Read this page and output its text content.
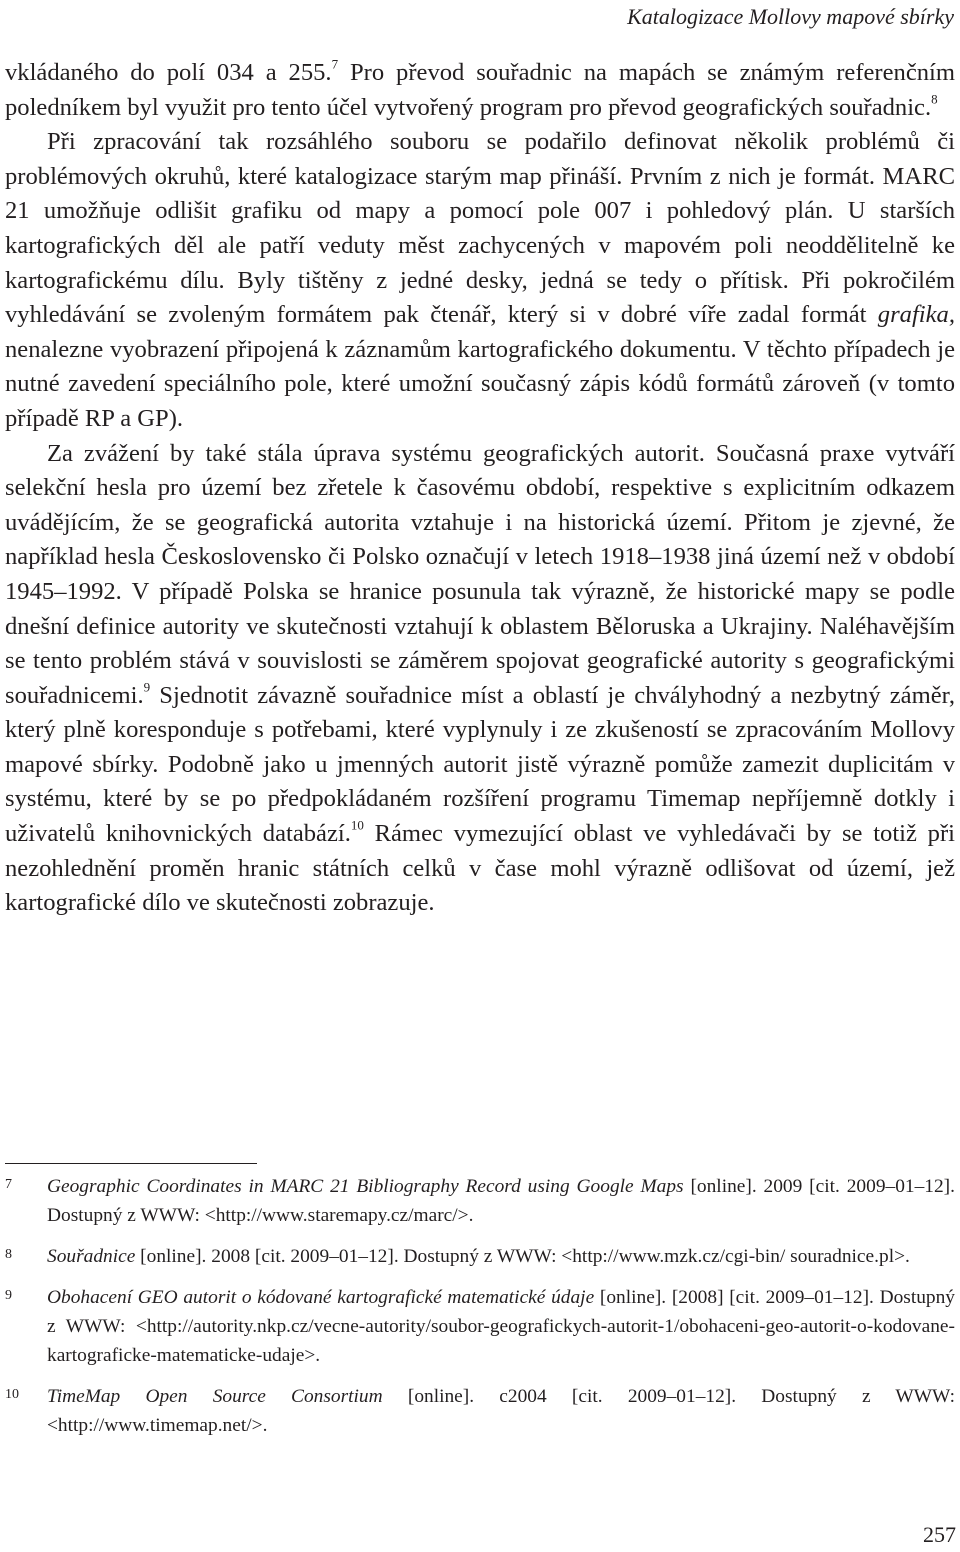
Katalogizace Mollovy mapové sbírky

vkládaného do polí 034 a 255.$^7$ Pro převod souřadnic na mapách se známým referenčním poledníkem byl využit pro tento účel vytvořený program pro převod geografických souřadnic.$^8$

Při zpracování tak rozsáhlého souboru se podařilo definovat několik problémů či problémových okruhů, které katalogizace starým map přináší. Prvním z nich je formát. MARC 21 umožňuje odlišit grafiku od mapy a pomocí pole 007 i pohledový plán. U starších kartografických děl ale patří veduty měst zachycených v mapovém poli neoddělitelně ke kartografickému dílu. Byly tištěny z jedné desky, jedná se tedy o přítisk. Při pokročilém vyhledávání se zvoleným formátem pak čtenář, který si v dobré víře zadal formát grafika, nenalezne vyobrazení připojená k záznamům kartografického dokumentu. V těchto případech je nutné zavedení speciálního pole, které umožní současný zápis kódů formátů zároveň (v tomto případě RP a GP).

Za zvážení by také stála úprava systému geografických autorit. Současná praxe vytváří selekční hesla pro území bez zřetele k časovému období, respektive s explicitním odkazem uvádějícím, že se geografická autorita vztahuje i na historická území. Přitom je zjevné, že například hesla Československo či Polsko označují v letech 1918–1938 jiná území než v období 1945–1992. V případě Polska se hranice posunula tak výrazně, že historické mapy se podle dnešní definice autority ve skutečnosti vztahují k oblastem Běloruska a Ukrajiny. Naléhavějším se tento problém stává v souvislosti se záměrem spojovat geografické autority s geografickými souřadnicemi.$^9$ Sjednotit závazně souřadnice míst a oblastí je chvályhodný a nezbytný záměr, který plně koresponduje s potřebami, které vyplynuly i ze zkušeností se zpracováním Mollovy mapové sbírky. Podobně jako u jmenných autorit jistě výrazně pomůže zamezit duplicitám v systému, které by se po předpokládaném rozšíření programu Timemap nepříjemně dotkly i uživatelů knihovnických databází.$^{10}$ Rámec vymezující oblast ve vyhledávači by se totiž při nezohlednění proměn hranic státních celků v čase mohl výrazně odlišovat od území, jež kartografické dílo ve skutečnosti zobrazuje.

7 Geographic Coordinates in MARC 21 Bibliography Record using Google Maps [online]. 2009 [cit. 2009–01–12]. Dostupný z WWW: <http://www.staremapy.cz/marc/>.
8 Souřadnice [online]. 2008 [cit. 2009–01–12]. Dostupný z WWW: <http://www.mzk.cz/cgi-bin/ souradnice.pl>.
9 Obohacení GEO autorit o kódované kartografické matematické údaje [online]. [2008] [cit. 2009–01–12]. Dostupný z WWW: <http://autority.nkp.cz/vecne-autority/soubor-geografickych-autorit-1/obohaceni-geo-autorit-o-kodovane-kartograficke-matematicke-udaje>.
10 TimeMap Open Source Consortium [online]. c2004 [cit. 2009–01–12]. Dostupný z WWW: <http://www.timemap.net/>.
257
